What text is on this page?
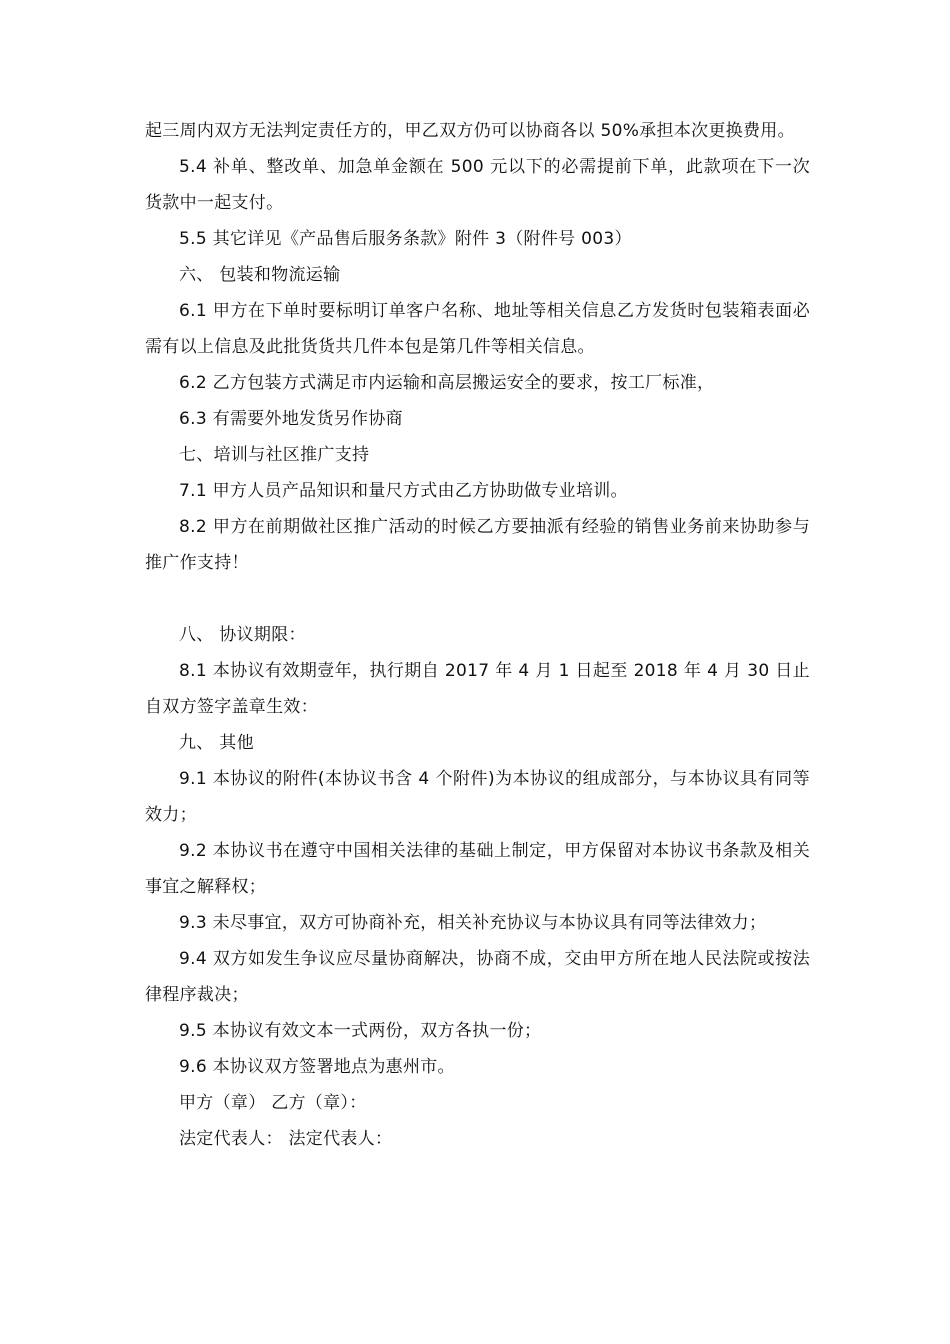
起三周内双方无法判定责任方的，甲乙双方仍可以协商各以 50%承担本次更换费用。

5.4 补单、整改单、加急单金额在 500 元以下的必需提前下单，此款项在下一次货款中一起支付。

5.5 其它详见《产品售后服务条款》附件 3（附件号 003）

六、 包装和物流运输

6.1 甲方在下单时要标明订单客户名称、地址等相关信息乙方发货时包装箱表面必需有以上信息及此批货货共几件本包是第几件等相关信息。

6.2 乙方包装方式满足市内运输和高层搬运安全的要求，按工厂标准，

6.3 有需要外地发货另作协商

七、培训与社区推广支持

7.1 甲方人员产品知识和量尺方式由乙方协助做专业培训。

8.2 甲方在前期做社区推广活动的时候乙方要抽派有经验的销售业务前来协助参与推广作支持！

八、 协议期限：

8.1 本协议有效期壹年，执行期自 2017 年 4 月 1 日起至 2018 年 4 月 30 日止自双方签字盖章生效：

九、 其他

9.1 本协议的附件(本协议书含 4 个附件)为本协议的组成部分，与本协议具有同等效力；

9.2 本协议书在遵守中国相关法律的基础上制定，甲方保留对本协议书条款及相关事宜之解释权；

9.3 未尽事宜，双方可协商补充，相关补充协议与本协议具有同等法律效力；

9.4 双方如发生争议应尽量协商解决，协商不成，交由甲方所在地人民法院或按法律程序裁决；

9.5 本协议有效文本一式两份，双方各执一份；

9.6 本协议双方签署地点为惠州市。

甲方（章） 乙方（章）：

法定代表人： 法定代表人：
